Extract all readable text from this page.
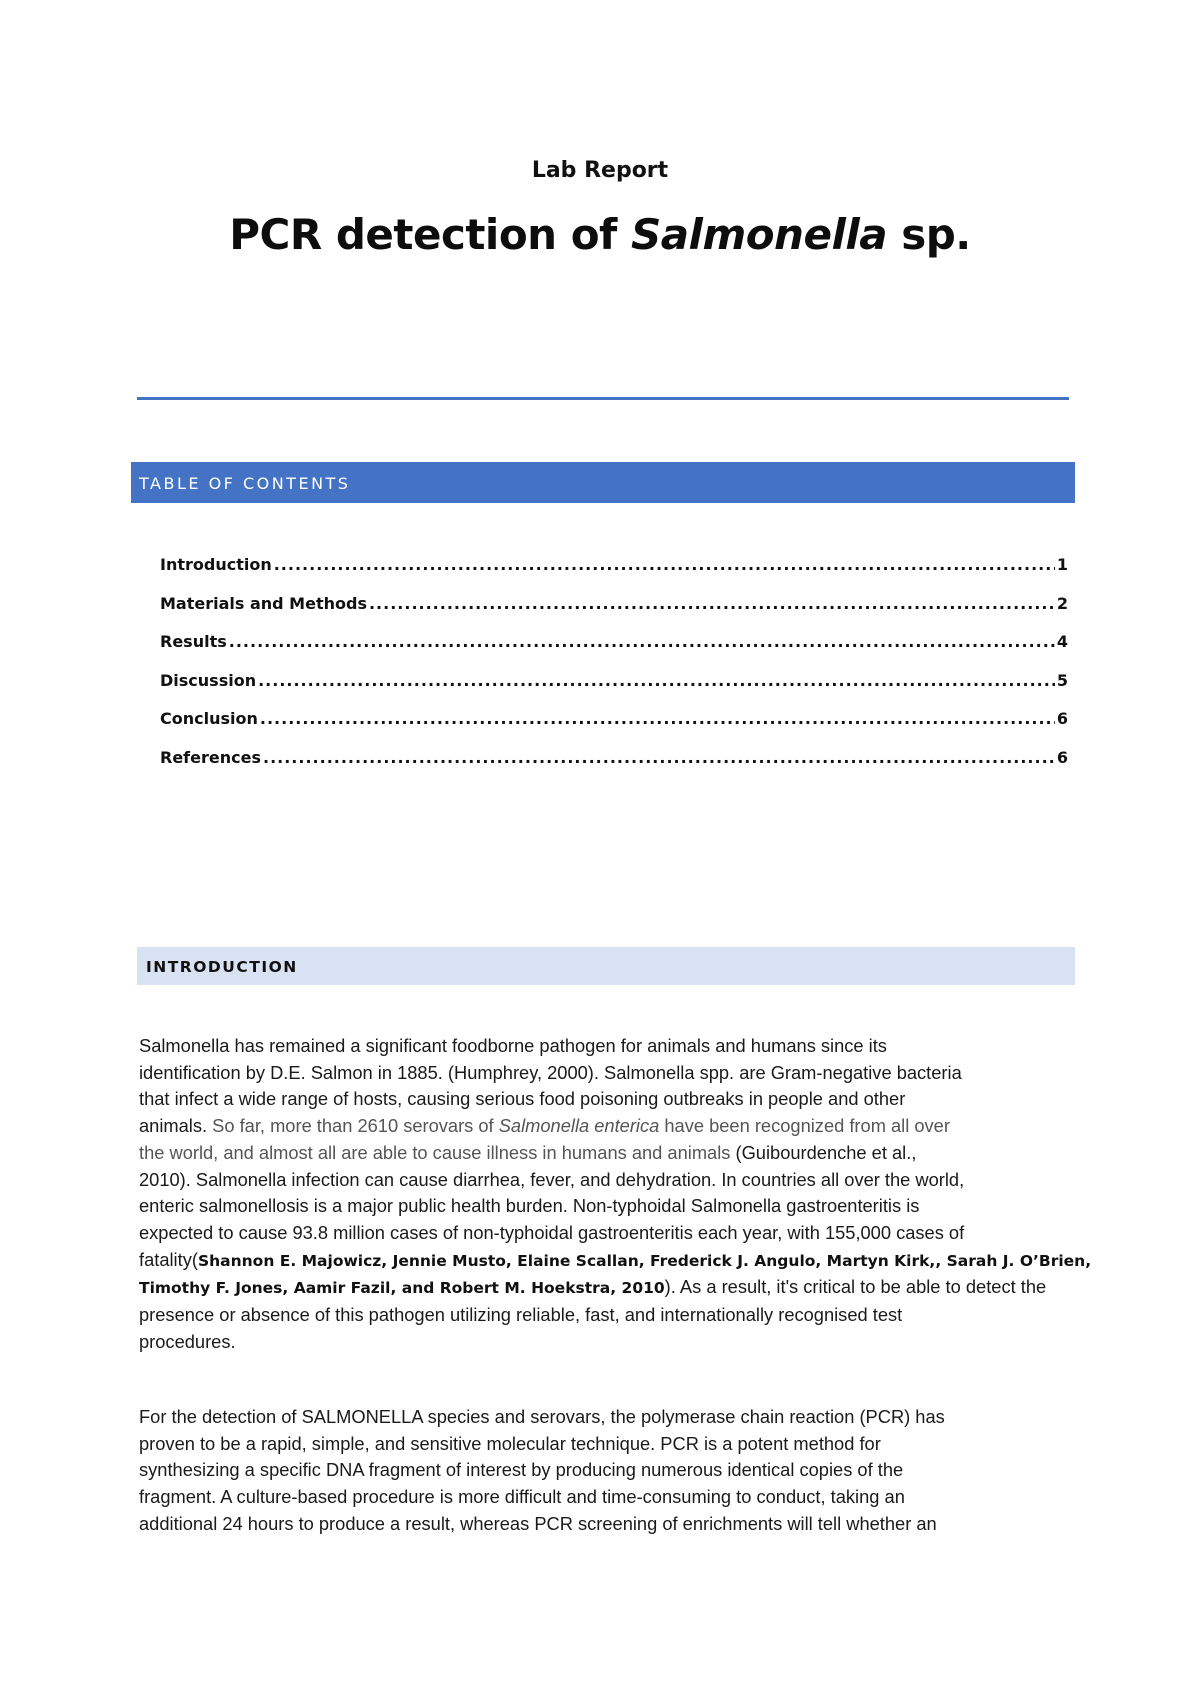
Lab Report
PCR detection of Salmonella sp.
TABLE OF CONTENTS
Introduction .....	1
Materials and Methods .....	2
Results .....	4
Discussion .....	5
Conclusion .....	6
References .....	6
INTRODUCTION

Salmonella has remained a significant foodborne pathogen for animals and humans since its
identification by D.E. Salmon in 1885. (Humphrey, 2000). Salmonella spp. are Gram-negative bacteria
that infect a wide range of hosts, causing serious food poisoning outbreaks in people and other
animals. So far, more than 2610 serovars of Salmonella enterica have been recognized from all over
the world, and almost all are able to cause illness in humans and animals (Guibourdenche et al.,
2010). Salmonella infection can cause diarrhea, fever, and dehydration. In countries all over the world,
enteric salmonellosis is a major public health burden. Non-typhoidal Salmonella gastroenteritis is
expected to cause 93.8 million cases of non-typhoidal gastroenteritis each year, with 155,000 cases of
fatality(Shannon E. Majowicz, Jennie Musto, Elaine Scallan, Frederick J. Angulo, Martyn Kirk,, Sarah J. O’Brien,
Timothy F. Jones, Aamir Fazil, and Robert M. Hoekstra, 2010). As a result, it's critical to be able to detect the
presence or absence of this pathogen utilizing reliable, fast, and internationally recognised test
procedures.

For the detection of SALMONELLA species and serovars, the polymerase chain reaction (PCR) has
proven to be a rapid, simple, and sensitive molecular technique. PCR is a potent method for
synthesizing a specific DNA fragment of interest by producing numerous identical copies of the
fragment. A culture-based procedure is more difficult and time-consuming to conduct, taking an
additional 24 hours to produce a result, whereas PCR screening of enrichments will tell whether an
